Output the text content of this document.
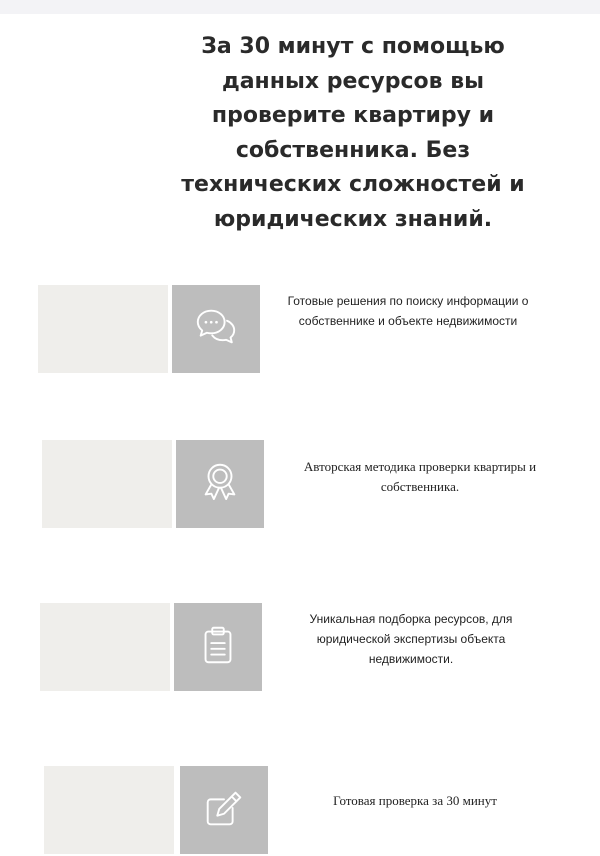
За 30 минут с помощью данных ресурсов вы проверите квартиру и собственника. Без технических сложностей и юридических знаний.

Готовые решения по поиску информации о собственнике и объекте недвижимости

Авторская методика проверки квартиры и собственника.

Уникальная подборка ресурсов, для юридической экспертизы объекта недвижимости.

Готовая проверка за 30 минут
